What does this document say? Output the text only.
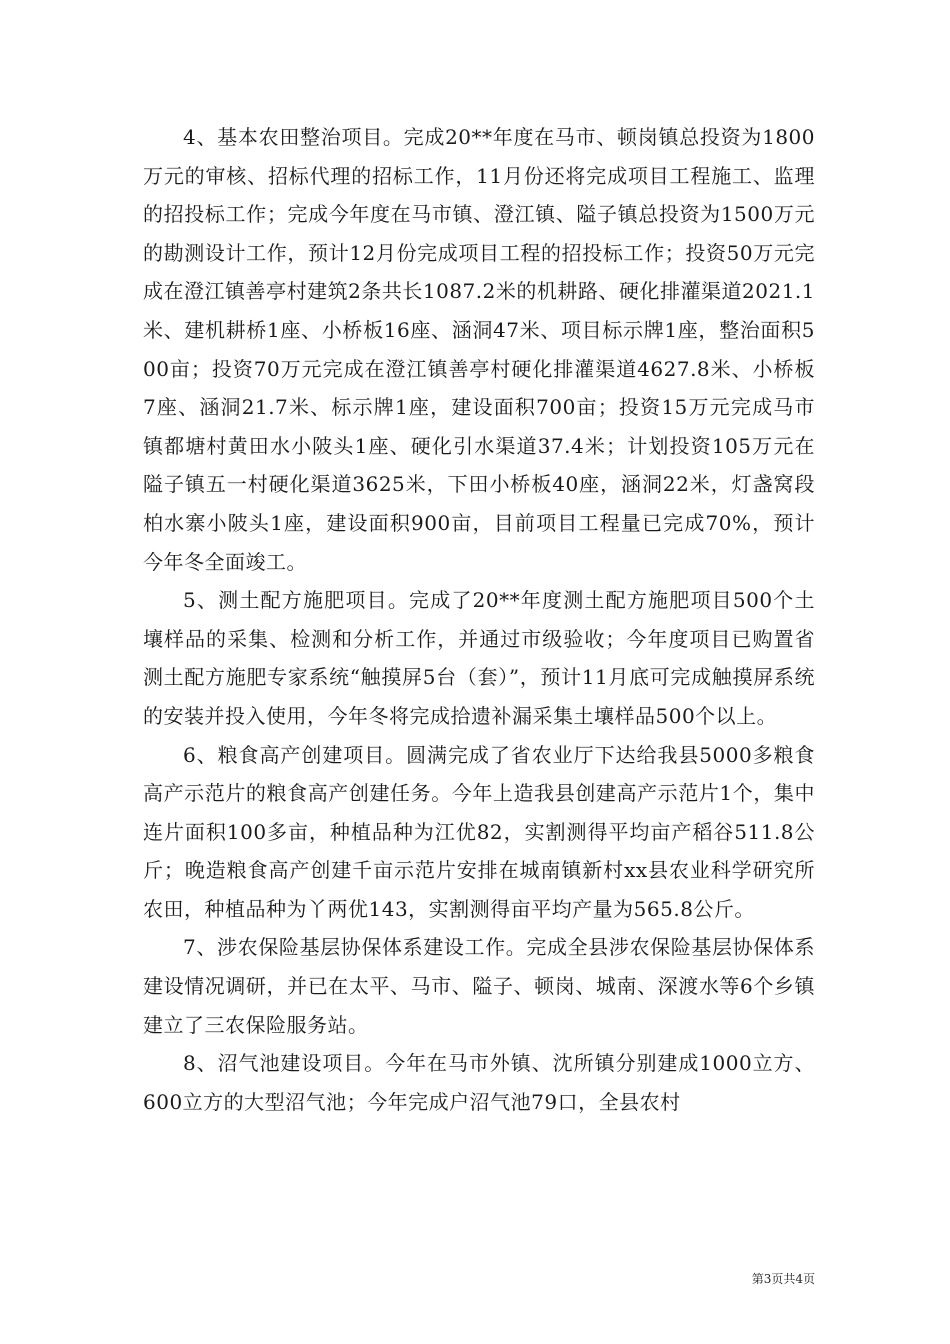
4、基本农田整治项目。完成20**年度在马市、顿岗镇总投资为1800万元的审核、招标代理的招标工作，11月份还将完成项目工程施工、监理的招投标工作；完成今年度在马市镇、澄江镇、隘子镇总投资为1500万元的勘测设计工作，预计12月份完成项目工程的招投标工作；投资50万元完成在澄江镇善亭村建筑2条共长1087.2米的机耕路、硬化排灌渠道2021.1米、建机耕桥1座、小桥板16座、涵洞47米、项目标示牌1座，整治面积500亩；投资70万元完成在澄江镇善亭村硬化排灌渠道4627.8米、小桥板7座、涵洞21.7米、标示牌1座，建设面积700亩；投资15万元完成马市镇都塘村黄田水小陂头1座、硬化引水渠道37.4米；计划投资105万元在隘子镇五一村硬化渠道3625米，下田小桥板40座，涵洞22米，灯盏窝段柏水寨小陂头1座，建设面积900亩，目前项目工程量已完成70%，预计今年冬全面竣工。

5、测土配方施肥项目。完成了20**年度测土配方施肥项目500个土壤样品的采集、检测和分析工作，并通过市级验收；今年度项目已购置省测土配方施肥专家系统“触摸屏5台（套）”，预计11月底可完成触摸屏系统的安装并投入使用，今年冬将完成拾遗补漏采集土壤样品500个以上。

6、粮食高产创建项目。圆满完成了省农业厅下达给我县5000多粮食高产示范片的粮食高产创建任务。今年上造我县创建高产示范片1个，集中连片面积100多亩，种植品种为江优82，实割测得平均亩产稻谷511.8公斤；晚造粮食高产创建千亩示范片安排在城南镇新村xx县农业科学研究所农田，种植品种为丫两优143，实割测得亩平均产量为565.8公斤。

7、涉农保险基层协保体系建设工作。完成全县涉农保险基层协保体系建设情况调研，并已在太平、马市、隘子、顿岗、城南、深渡水等6个乡镇建立了三农保险服务站。

8、沼气池建设项目。今年在马市外镇、沈所镇分别建成1000立方、600立方的大型沼气池；今年完成户沼气池79口，全县农村

第3页共4页
